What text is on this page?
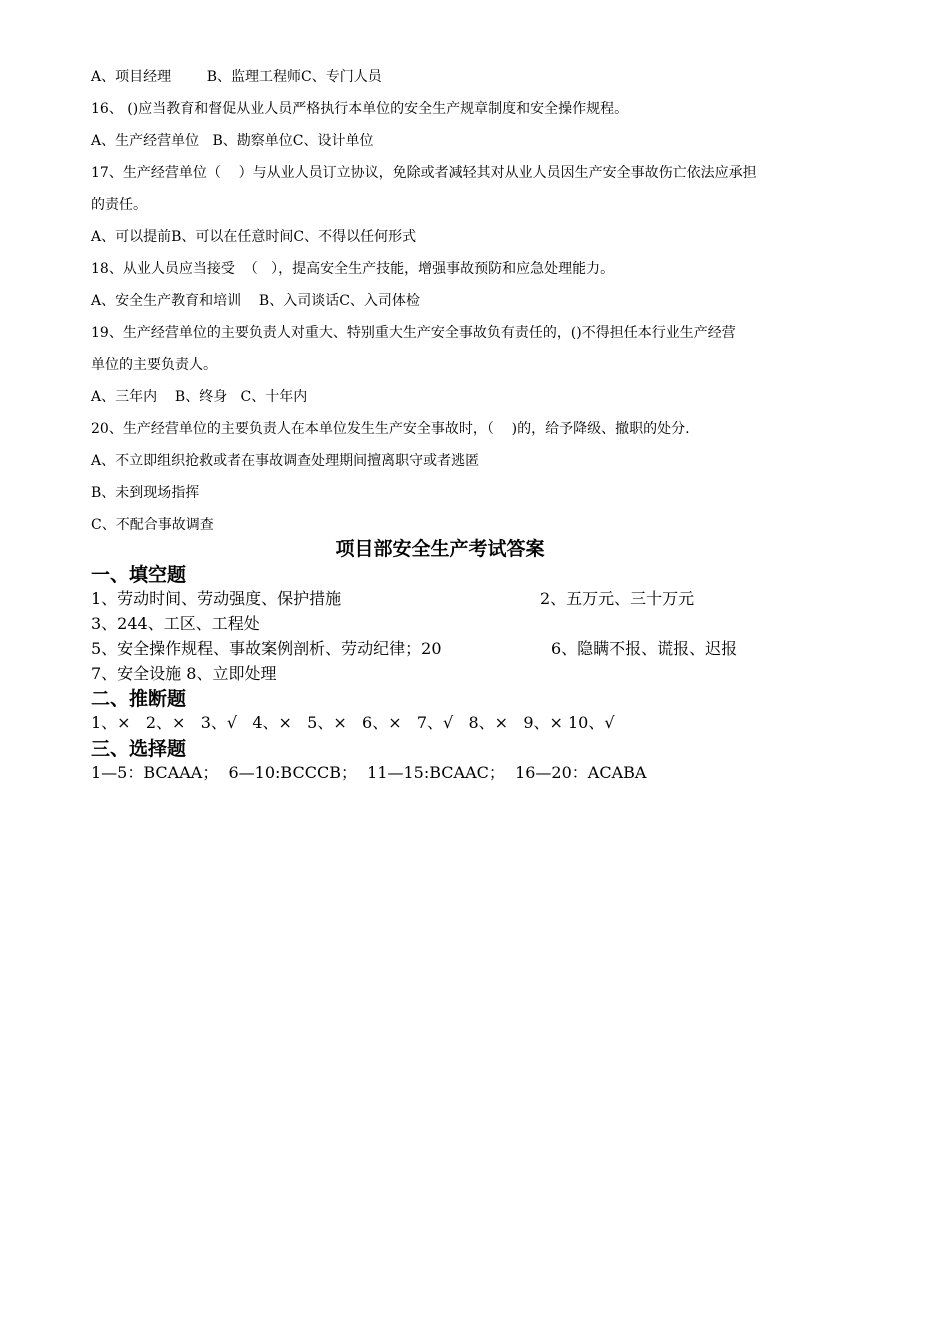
A、项目经理        B、监理工程师C、专门人员
16、 ()应当教育和督促从业人员严格执行本单位的安全生产规章制度和安全操作规程。
A、生产经营单位   B、勘察单位C、设计单位
17、生产经营单位（    ）与从业人员订立协议，免除或者减轻其对从业人员因生产安全事故伤亡依法应承担
的责任。
A、可以提前B、可以在任意时间C、不得以任何形式
18、从业人员应当接受  （   ），提高安全生产技能，增强事故预防和应急处理能力。
A、安全生产教育和培训    B、入司谈话C、入司体检
19、生产经营单位的主要负责人对重大、特别重大生产安全事故负有责任的，()不得担任本行业生产经营
单位的主要负责人。
A、三年内    B、终身   C、十年内
20、生产经营单位的主要负责人在本单位发生生产安全事故时，（    )的，给予降级、撤职的处分.
A、不立即组织抢救或者在事故调查处理期间擅离职守或者逃匿
B、未到现场指挥
C、不配合事故调查
项目部安全生产考试答案
一、填空题
1、劳动时间、劳动强度、保护措施	2、五万元、三十万元
3、244、工区、工程处
5、安全操作规程、事故案例剖析、劳动纪律；20	6、隐瞒不报、谎报、迟报
7、安全设施 8、立即处理
二、推断题
1、×   2、×   3、√   4、×   5、×   6、×   7、√   8、×   9、× 10、√
三、选择题
1—5：BCAAA；  6—10:BCCCB；  11—15:BCAAC；  16—20：ACABA
